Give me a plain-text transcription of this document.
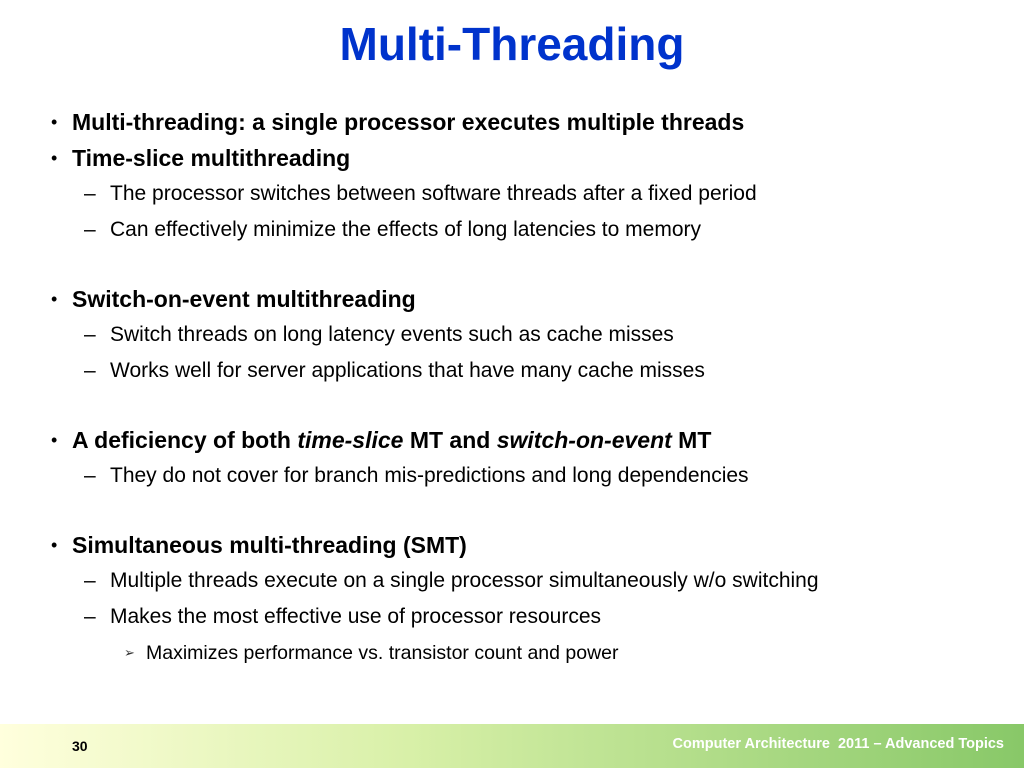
Multi-Threading
• Multi-threading: a single processor executes multiple threads
• Time-slice multithreading
– The processor switches between software threads after a fixed period
– Can effectively minimize the effects of long latencies to memory
• Switch-on-event multithreading
– Switch threads on long latency events such as cache misses
– Works well for server applications that have many cache misses
• A deficiency of both time-slice MT and switch-on-event MT
– They do not cover for branch mis-predictions and long dependencies
• Simultaneous multi-threading (SMT)
– Multiple threads execute on a single processor simultaneously w/o switching
– Makes the most effective use of processor resources
➢ Maximizes performance vs. transistor count and power
30	Computer Architecture  2011 – Advanced Topics
